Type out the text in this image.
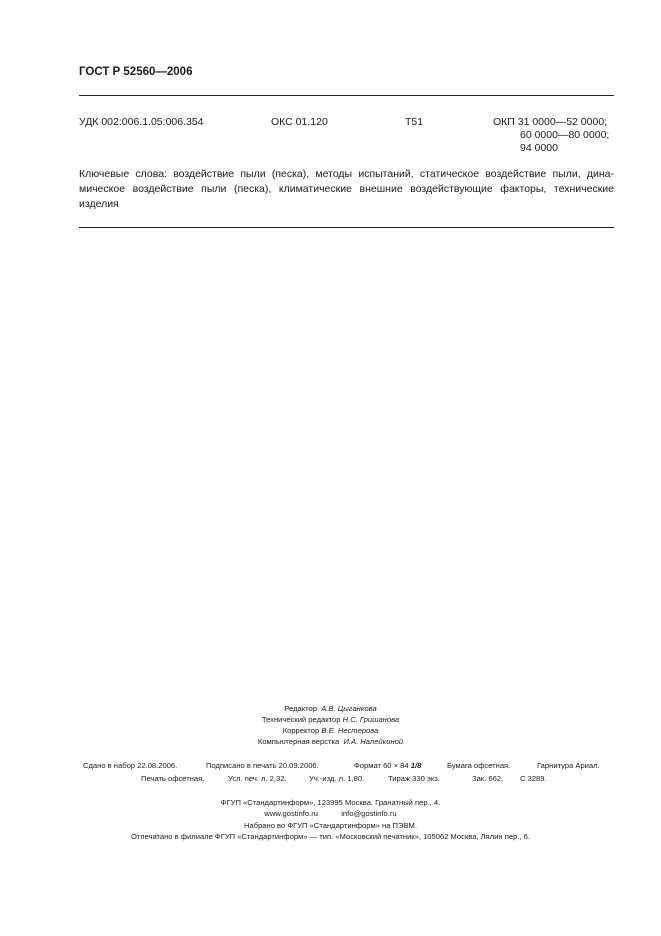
ГОСТ Р 52560—2006
УДК 002:006.1.05:006.354	ОКС 01.120	Т51	ОКП 31 0000—52 0000;
60 0000—80 0000;
94 0000
Ключевые слова: воздействие пыли (песка), методы испытаний, статическое воздействие пыли, дина-
мическое воздействие пыли (песка), климатические внешние воздействующие факторы, технические
изделия
Редактор А.В. Цыганкова
Технический редактор Н.С. Гришанова
Корректор В.Е. Нестерова
Компьютерная верстка И.А. Налейкиной
Сдано в набор 22.08.2006.	Подписано в печать 20.09.2006.	Формат 60 × 84 1/8	Бумага офсетная.	Гарнитура Ариал.
Печать офсетная.	Усл. печ. л. 2,32.	Уч.-изд. л. 1,80.	Тираж 330 экз.	Зак. 662. С 3289.
ФГУП «Стандартинформ», 123995 Москва, Гранатный пер., 4.
www.gostinfo.ru	info@gostinfo.ru
Набрано во ФГУП «Стандартинформ» на ПЭВМ.
Отпечатано в филиале ФГУП «Стандартинформ» — тип. «Московский печатник», 105062 Москва, Лялин пер., 6.
